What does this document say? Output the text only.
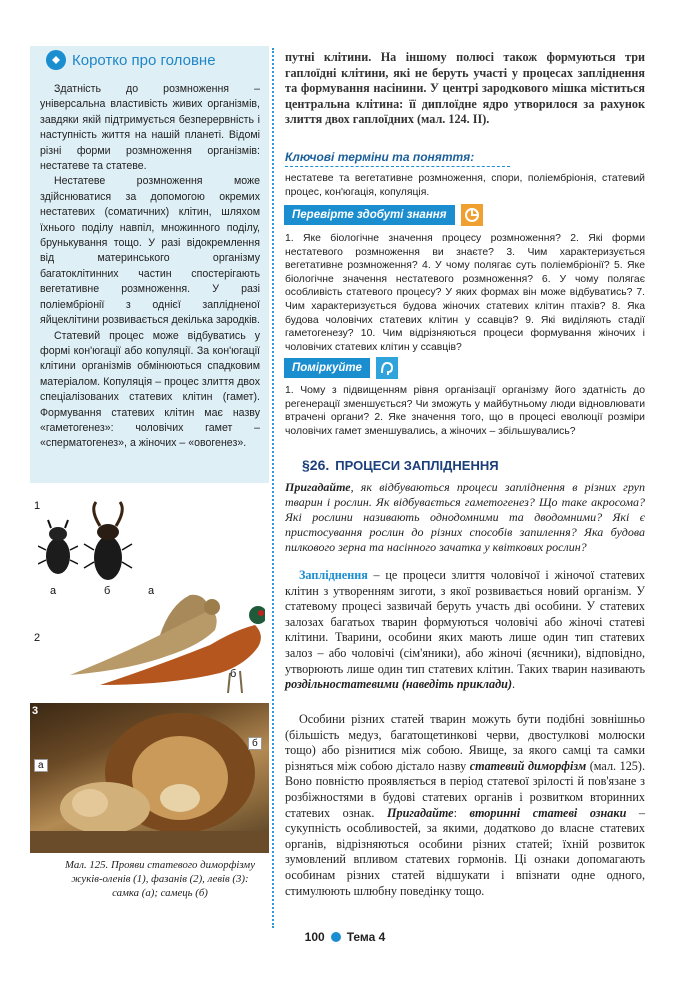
Коротко про головне

Здатність до розмноження – універсальна властивість живих організмів, завдяки якій підтримується безперервність і наступність життя на нашій планеті. Відомі різні форми розмноження організмів: нестатеве та статеве.

Нестатеве розмноження може здійснюватися за допомогою окремих нестатевих (соматичних) клітин, шляхом їхнього поділу навпіл, множинного поділу, брунькування тощо. У разі відокремлення від материнського організму багатоклітинних частин спостерігають вегетативне розмноження. У разі поліембріонії з однієї заплідненої яйцеклітини розвивається декілька зародків.

Статевий процес може відбуватись у формі кон'югації або копуляції. За кон'югації клітини організмів обмінюються спадковим матеріалом. Копуляція – процес злиття двох спеціалізованих статевих клітин (гамет). Формування статевих клітин має назву «гаметогенез»: чоловічих гамет – «сперматогенез», а жіночих – «овогенез».

1
а	б	а
2
б
3
а
б
Мал. 125. Прояви статевого диморфізму жуків-оленів (1), фазанів (2), левів (3): самка (а); самець (б)
путні клітини. На іншому полюсі також формуються три гаплоїдні клітини, які не беруть участі у процесах запліднення та формування насінини. У центрі зародкового мішка міститься центральна клітина: її диплоїдне ядро утворилося за рахунок злиття двох гаплоїдних (мал. 124. II).
Ключові терміни та поняття:
нестатеве та вегетативне розмноження, спори, поліембріонія, статевий процес, кон'югація, копуляція.
Перевірте здобуті знання
1. Яке біологічне значення процесу розмноження? 2. Які форми нестатевого розмноження ви знаєте? 3. Чим характеризується вегетативне розмноження? 4. У чому полягає суть поліембріонії? 5. Яке біологічне значення нестатевого розмноження? 6. У чому полягає особливість статевого процесу? У яких формах він може відбуватись? 7. Чим характеризується будова жіночих статевих клітин птахів? 8. Яка будова чоловічих статевих клітин у ссавців? 9. Які виділяють стадії гаметогенезу? 10. Чим відрізняються процеси формування жіночих і чоловічих статевих клітин у ссавців?
Поміркуйте
1. Чому з підвищенням рівня організації організму його здатність до регенерації зменшується? Чи зможуть у майбутньому люди відновлювати втрачені органи? 2. Яке значення того, що в процесі еволюції розміри чоловічих гамет зменшувались, а жіночих – збільшувались?
§26. ПРОЦЕСИ ЗАПЛІДНЕННЯ
Пригадайте, як відбуваються процеси запліднення в різних груп тварин і рослин. Як відбувається гаметогенез? Що таке акросома? Які рослини називають однодомними та дводомними? Які є пристосування рослин до різних способів запилення? Яка будова пилкового зерна та насінного зачатка у квіткових рослин?
Запліднення – це процеси злиття чоловічої і жіночої статевих клітин з утворенням зиготи, з якої розвивається новий організм. У статевому процесі зазвичай беруть участь дві особини. У статевих залозах багатьох тварин формуються чоловічі або жіночі статеві клітини. Тварини, особини яких мають лише один тип статевих залоз – або чоловічі (сім'яники), або жіночі (яєчники), відповідно, утворюють лише один тип статевих клітин. Таких тварин називають роздільностатевими (наведіть приклади).
Особини різних статей тварин можуть бути подібні зовнішньо (більшість медуз, багатощетинкові черви, двостулкові молюски тощо) або різнитися між собою. Явище, за якого самці та самки різняться між собою дістало назву статевий диморфізм (мал. 125). Воно повністю проявляється в період статевої зрілості й пов'язане з розбіжностями в будові статевих органів і розвитком вторинних статевих ознак. Пригадайте: вторинні статеві ознаки – сукупність особливостей, за якими, додатково до власне статевих органів, відрізняються особини різних статей; їхній розвиток зумовлений впливом статевих гормонів. Ці ознаки допомагають особинам різних статей відшукати і впізнати одне одного, стимулюють шлюбну поведінку тощо.
100 Тема 4
